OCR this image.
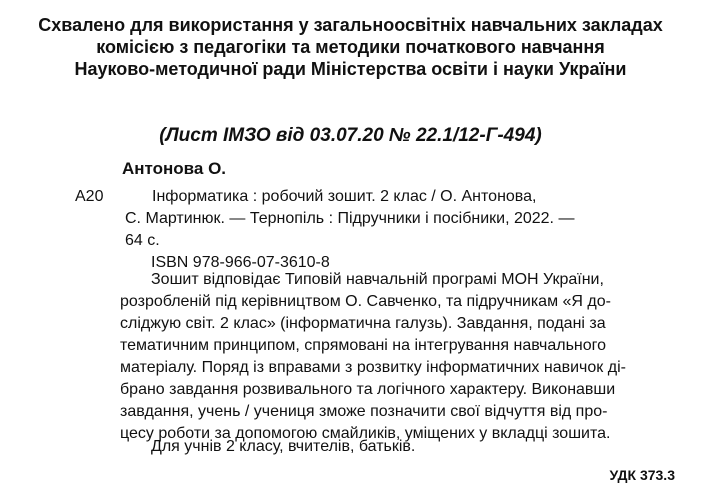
Схвалено для використання у загальноосвітніх навчальних закладах
комісією з педагогіки та методики початкового навчання
Науково-методичної ради Міністерства освіти і науки України
(Лист ІМЗО від 03.07.20 № 22.1/12-Г-494)
Антонова О.
А20	Інформатика : робочий зошит. 2 клас / О. Антонова,
С. Мартинюк. — Тернопіль : Підручники і посібники, 2022. —
64 с.
ISBN 978-966-07-3610-8
Зошит відповідає Типовій навчальній програмі МОН України,
розробленій під керівництвом О. Савченко, та підручникам «Я до-
сліджую світ. 2 клас» (інформатична галузь). Завдання, подані за
тематичним принципом, спрямовані на інтегрування навчального
матеріалу. Поряд із вправами з розвитку інформатичних навичок ді-
брано завдання розвивального та логічного характеру. Виконавши
завдання, учень / учениця зможе позначити свої відчуття від про-
цесу роботи за допомогою смайликів, уміщених у вкладці зошита.
Для учнів 2 класу, вчителів, батьків.
УДК 373.3
